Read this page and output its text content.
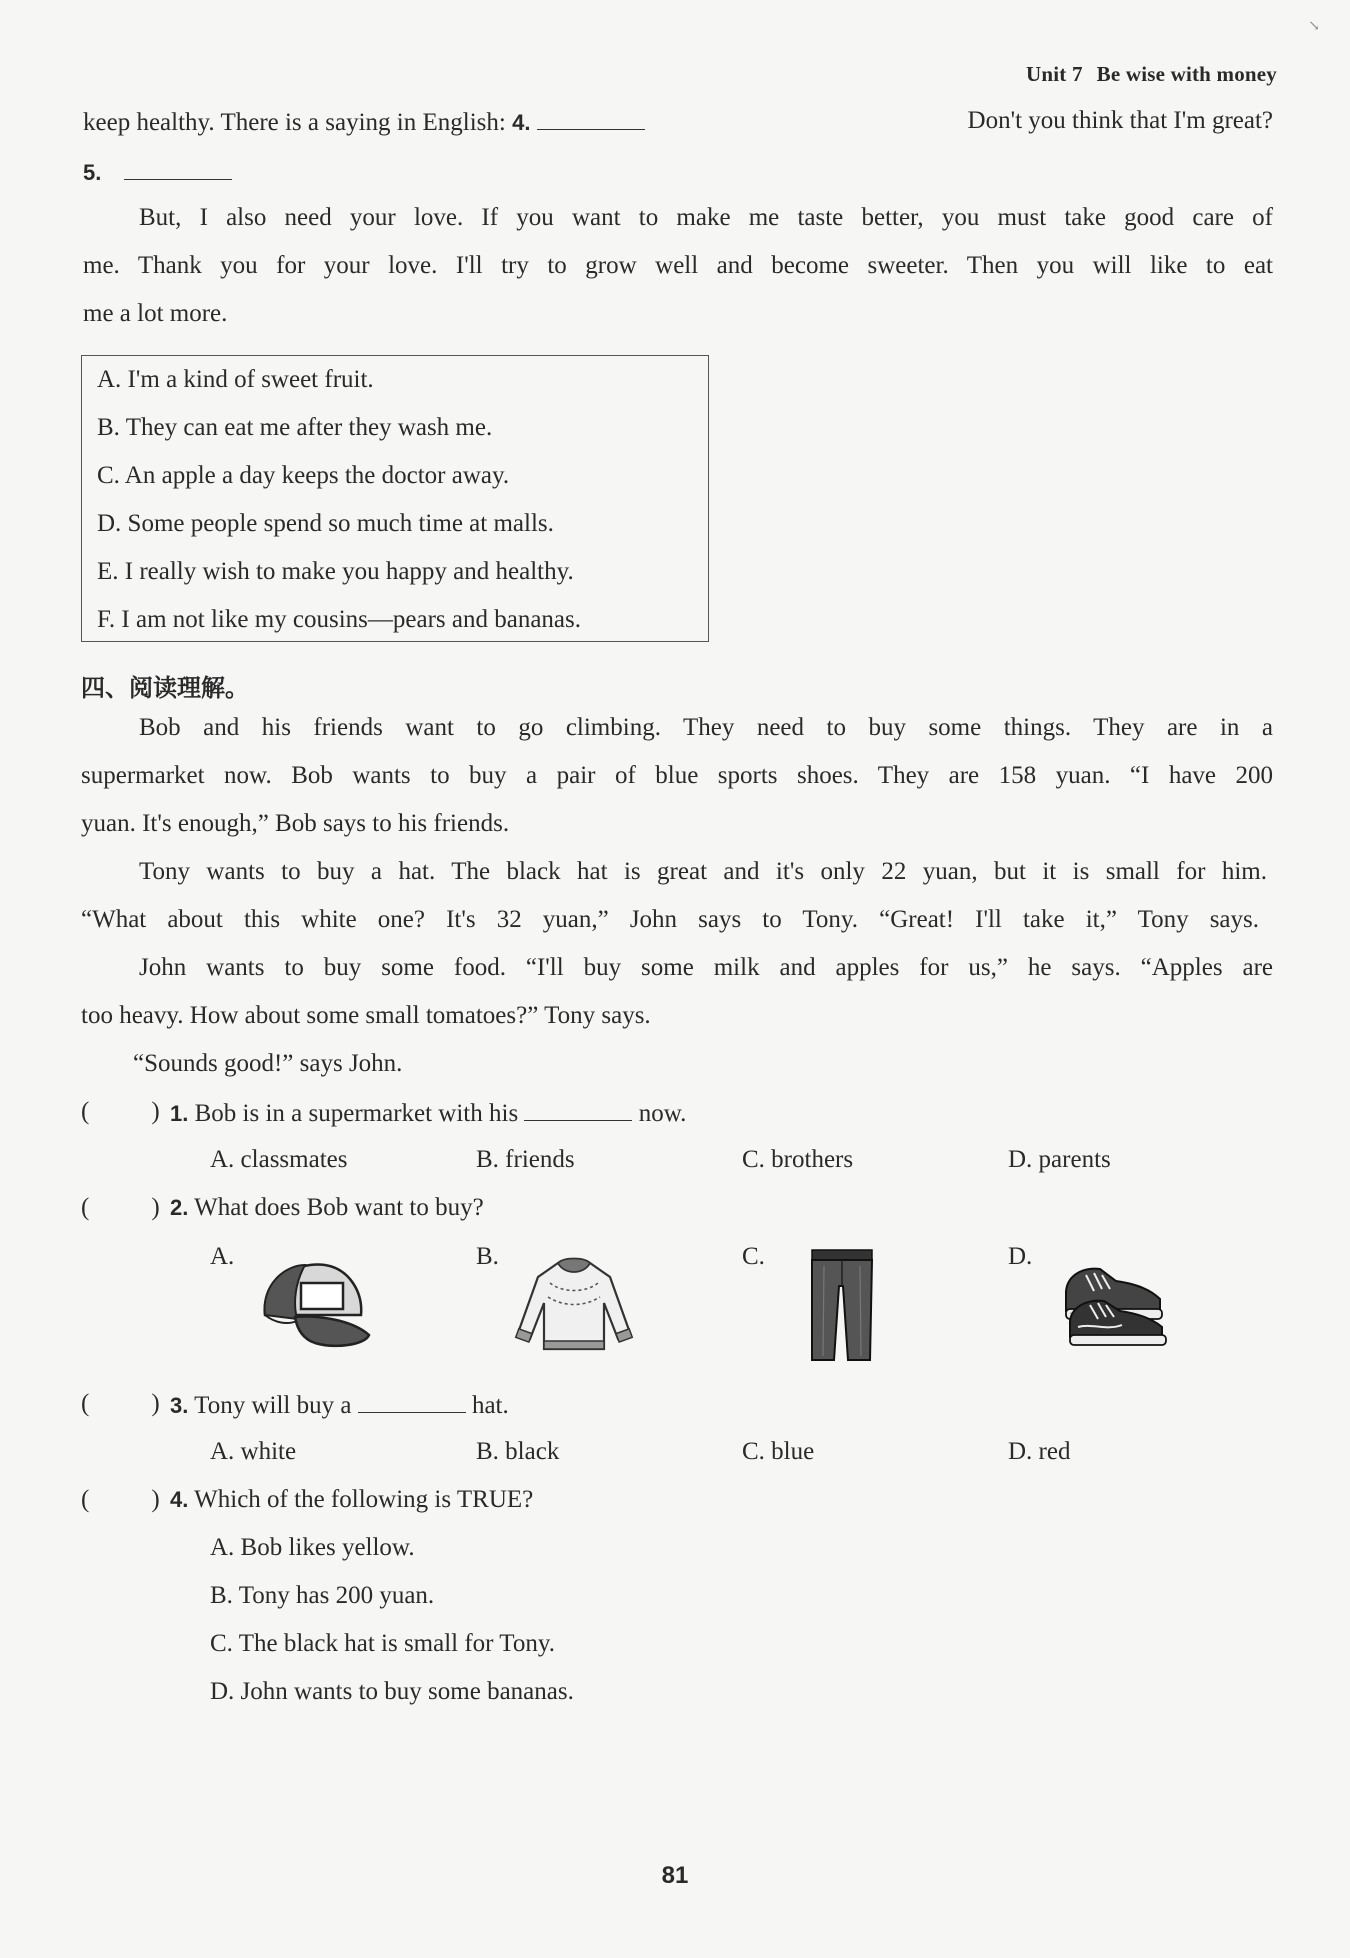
↘
Unit 7 Be wise with money
keep healthy. There is a saying in English: 4.	Don't you think that I'm great?
5.
But, I also need your love. If you want to make me taste better, you must take good care of
me. Thank you for your love. I'll try to grow well and become sweeter. Then you will like to eat
me a lot more.
A. I'm a kind of sweet fruit.
B. They can eat me after they wash me.
C. An apple a day keeps the doctor away.
D. Some people spend so much time at malls.
E. I really wish to make you happy and healthy.
F. I am not like my cousins—pears and bananas.
四、阅读理解。
Bob and his friends want to go climbing. They need to buy some things. They are in a
supermarket now. Bob wants to buy a pair of blue sports shoes. They are 158 yuan. “I have 200
yuan. It's enough,” Bob says to his friends.
Tony wants to buy a hat. The black hat is great and it's only 22 yuan, but it is small for him.
“What about this white one? It's 32 yuan,” John says to Tony. “Great! I'll take it,” Tony says.
John wants to buy some food. “I'll buy some milk and apples for us,” he says. “Apples are
too heavy. How about some small tomatoes?” Tony says.
“Sounds good!” says John.
( ) 1. Bob is in a supermarket with his	now.
A. classmates	B. friends	C. brothers	D. parents
( ) 2. What does Bob want to buy?
A.	B.	C.	D.
( ) 3. Tony will buy a	hat.
A. white	B. black	C. blue	D. red
( ) 4. Which of the following is TRUE?
A. Bob likes yellow.
B. Tony has 200 yuan.
C. The black hat is small for Tony.
D. John wants to buy some bananas.
81
